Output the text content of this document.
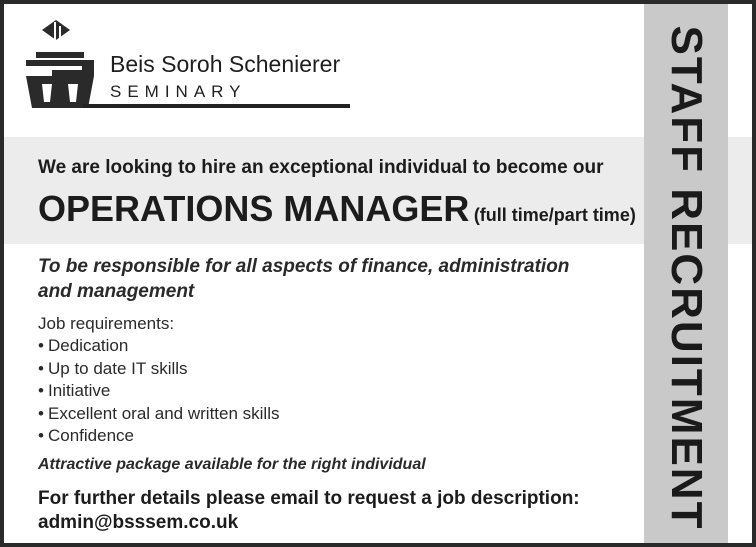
Beis Soroh Schenierer
SEMINARY
We are looking to hire an exceptional individual to become our
OPERATIONS MANAGER (full time/part time)
To be responsible for all aspects of finance, administration
and management
Job requirements:
• Dedication
• Up to date IT skills
• Initiative
• Excellent oral and written skills
• Confidence
Attractive package available for the right individual
For further details please email to request a job description:
admin@bsssem.co.uk	STAFF RECRUITMENT
